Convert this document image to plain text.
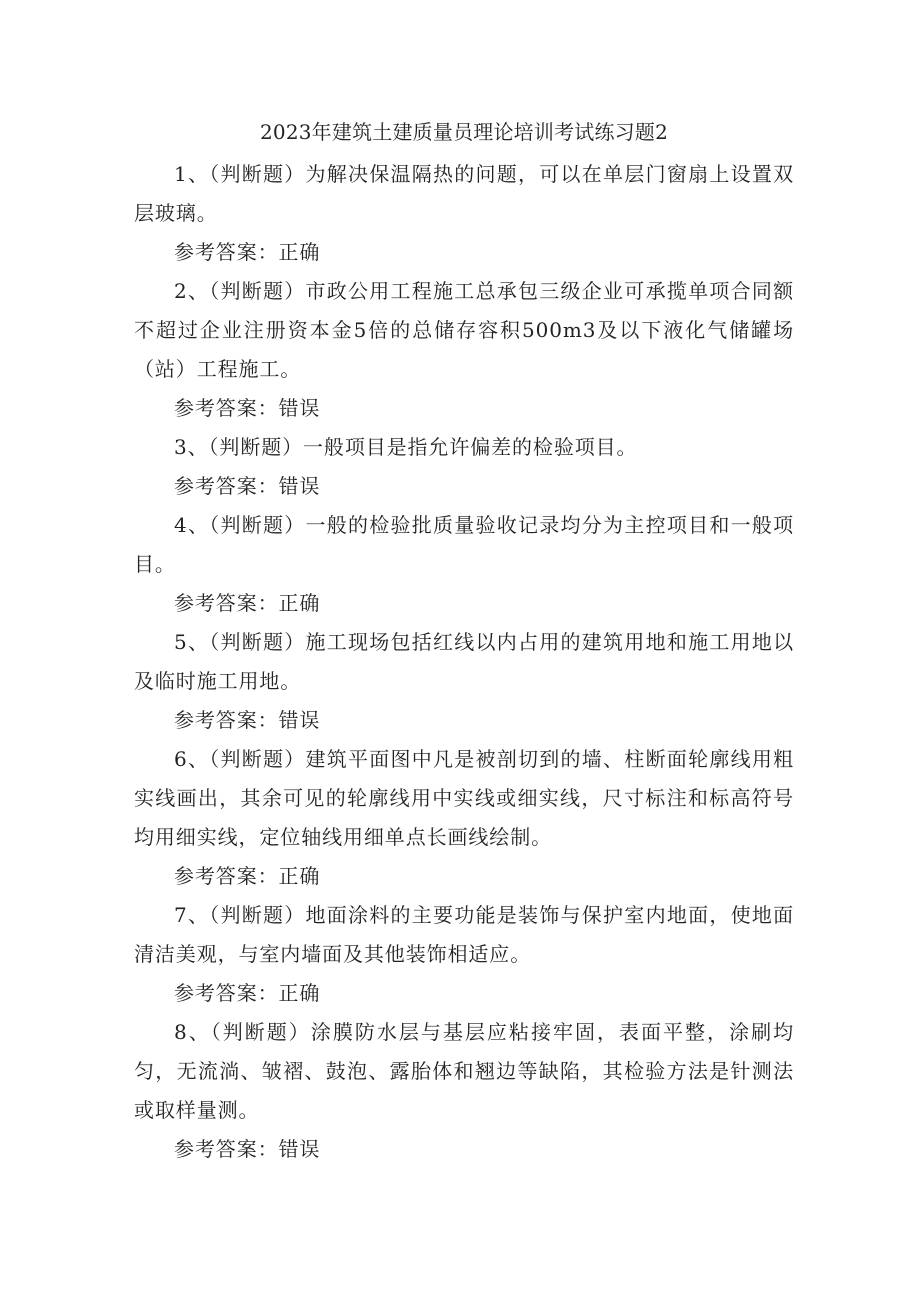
2023年建筑土建质量员理论培训考试练习题2

1、（判断题）为解决保温隔热的问题，可以在单层门窗扇上设置双层玻璃。

参考答案：正确

2、（判断题）市政公用工程施工总承包三级企业可承揽单项合同额不超过企业注册资本金5倍的总储存容积500m3及以下液化气储罐场（站）工程施工。

参考答案：错误

3、（判断题）一般项目是指允许偏差的检验项目。

参考答案：错误

4、（判断题）一般的检验批质量验收记录均分为主控项目和一般项目。

参考答案：正确

5、（判断题）施工现场包括红线以内占用的建筑用地和施工用地以及临时施工用地。

参考答案：错误

6、（判断题）建筑平面图中凡是被剖切到的墙、柱断面轮廓线用粗实线画出，其余可见的轮廓线用中实线或细实线，尺寸标注和标高符号均用细实线，定位轴线用细单点长画线绘制。

参考答案：正确

7、（判断题）地面涂料的主要功能是装饰与保护室内地面，使地面清洁美观，与室内墙面及其他装饰相适应。

参考答案：正确

8、（判断题）涂膜防水层与基层应粘接牢固，表面平整，涂刷均匀，无流淌、皱褶、鼓泡、露胎体和翘边等缺陷，其检验方法是针测法或取样量测。

参考答案：错误
